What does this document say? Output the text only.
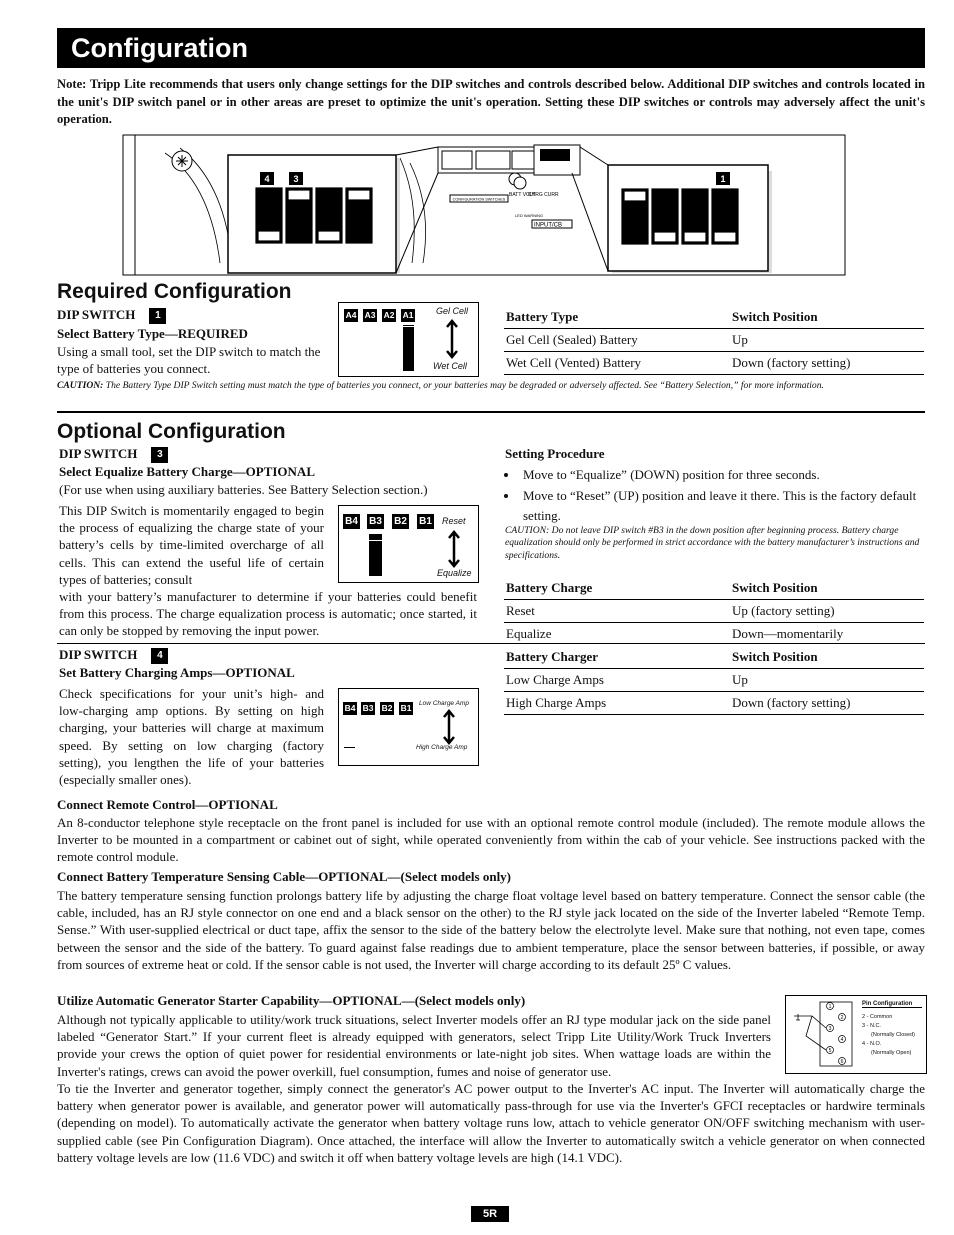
Configuration
Note: Tripp Lite recommends that users only change settings for the DIP switches and controls described below. Additional DIP switches and controls located in the unit's DIP switch panel or in other areas are preset to optimize the unit's operation. Setting these DIP switches or controls may adversely affect the unit's operation.
CONFIGURATION SWITCHES
BATT VOLT
CHRG CURR
LED WARNING
INPUT/CB
4	3	1
Required Configuration
DIP SWITCH 1
Select Battery Type—REQUIRED
Using a small tool, set the DIP switch to match the type of batteries you connect.
A4 A3 A2 A1	Gel Cell
Wet Cell
Battery Type	Switch Position
Gel Cell (Sealed) Battery	Up
Wet Cell (Vented) Battery	Down (factory setting)
CAUTION: The Battery Type DIP Switch setting must match the type of batteries you connect, or your batteries may be degraded or adversely affected. See “Battery Selection,” for more information.
Optional Configuration
DIP SWITCH 3
Select Equalize Battery Charge—OPTIONAL
(For use when using auxiliary batteries. See Battery Selection section.)
This DIP Switch is momentarily engaged to begin the process of equalizing the charge state of your battery’s cells by time-limited overcharge of all cells. This can extend the useful life of certain types of batteries; consult
with your battery’s manufacturer to determine if your batteries could benefit from this process. The charge equalization process is automatic; once started, it can only be stopped by removing the input power.
B4 B3 B2 B1 Reset
Equalize
Setting Procedure
• Move to “Equalize” (DOWN) position for three seconds.
• Move to “Reset” (UP) position and leave it there. This is the factory default setting.
CAUTION: Do not leave DIP switch #B3 in the down position after beginning process. Battery charge equalization should only be performed in strict accordance with the battery manufacturer’s instructions and specifications.
Battery Charge	Switch Position
Reset	Up (factory setting)
Equalize	Down—momentarily
DIP SWITCH 4
Set Battery Charging Amps—OPTIONAL
Check specifications for your unit’s high- and low-charging amp options. By setting on high charging, your batteries will charge at maximum speed. By setting on low charging (factory setting), you lengthen the life of your batteries (especially smaller ones).
B4 B3 B2 B1 Low Charge Amp
High Charge Amp
Battery Charger	Switch Position
Low Charge Amps	Up
High Charge Amps	Down (factory setting)
Connect Remote Control—OPTIONAL
An 8-conductor telephone style receptacle on the front panel is included for use with an optional remote control module (included). The remote module allows the Inverter to be mounted in a compartment or cabinet out of sight, while operated conveniently from within the cab of your vehicle. See instructions packed with the remote control module.
Connect Battery Temperature Sensing Cable—OPTIONAL—(Select models only)
The battery temperature sensing function prolongs battery life by adjusting the charge float voltage level based on battery temperature. Connect the sensor cable (the cable, included, has an RJ style connector on one end and a black sensor on the other) to the RJ style jack located on the side of the Inverter labeled “Remote Temp. Sense.” With user-supplied electrical or duct tape, affix the sensor to the side of the battery below the electrolyte level. Make sure that nothing, not even tape, comes between the sensor and the side of the battery. To guard against false readings due to ambient temperature, place the sensor between batteries, if possible, or away from sources of extreme heat or cold. If the sensor cable is not used, the Inverter will charge according to its default 25º C values.
Utilize Automatic Generator Starter Capability—OPTIONAL—(Select models only)
Although not typically applicable to utility/work truck situations, select Inverter models offer an RJ type modular jack on the side panel labeled “Generator Start.” If your current fleet is already equipped with generators, select Tripp Lite Utility/Work Truck Inverters provide your crews the option of quiet power for residential environments or late-night job sites. When wattage loads are within the Inverter's ratings, crews can avoid the power overkill, fuel consumption, fumes and noise of generator use.
To tie the Inverter and generator together, simply connect the generator's AC power output to the Inverter's AC input. The Inverter will automatically charge the battery when generator power is available, and generator power will automatically pass-through for use via the Inverter's GFCI receptacles or hardwire terminals (depending on model). To automatically activate the generator when battery voltage runs low, attach to vehicle generator ON/OFF switching mechanism with user-supplied cable (see Pin Configuration Diagram). Once attached, the interface will allow the Inverter to automatically switch a vehicle generator on when connected battery voltage levels are low (11.6 VDC) and switch it off when battery voltage levels are high (14.1 VDC).
1
2
3
4
5
6
Pin Configuration
2 - Common
3 - N.C.
(Normally Closed)
4 - N.O.
(Normally Open)
5R
